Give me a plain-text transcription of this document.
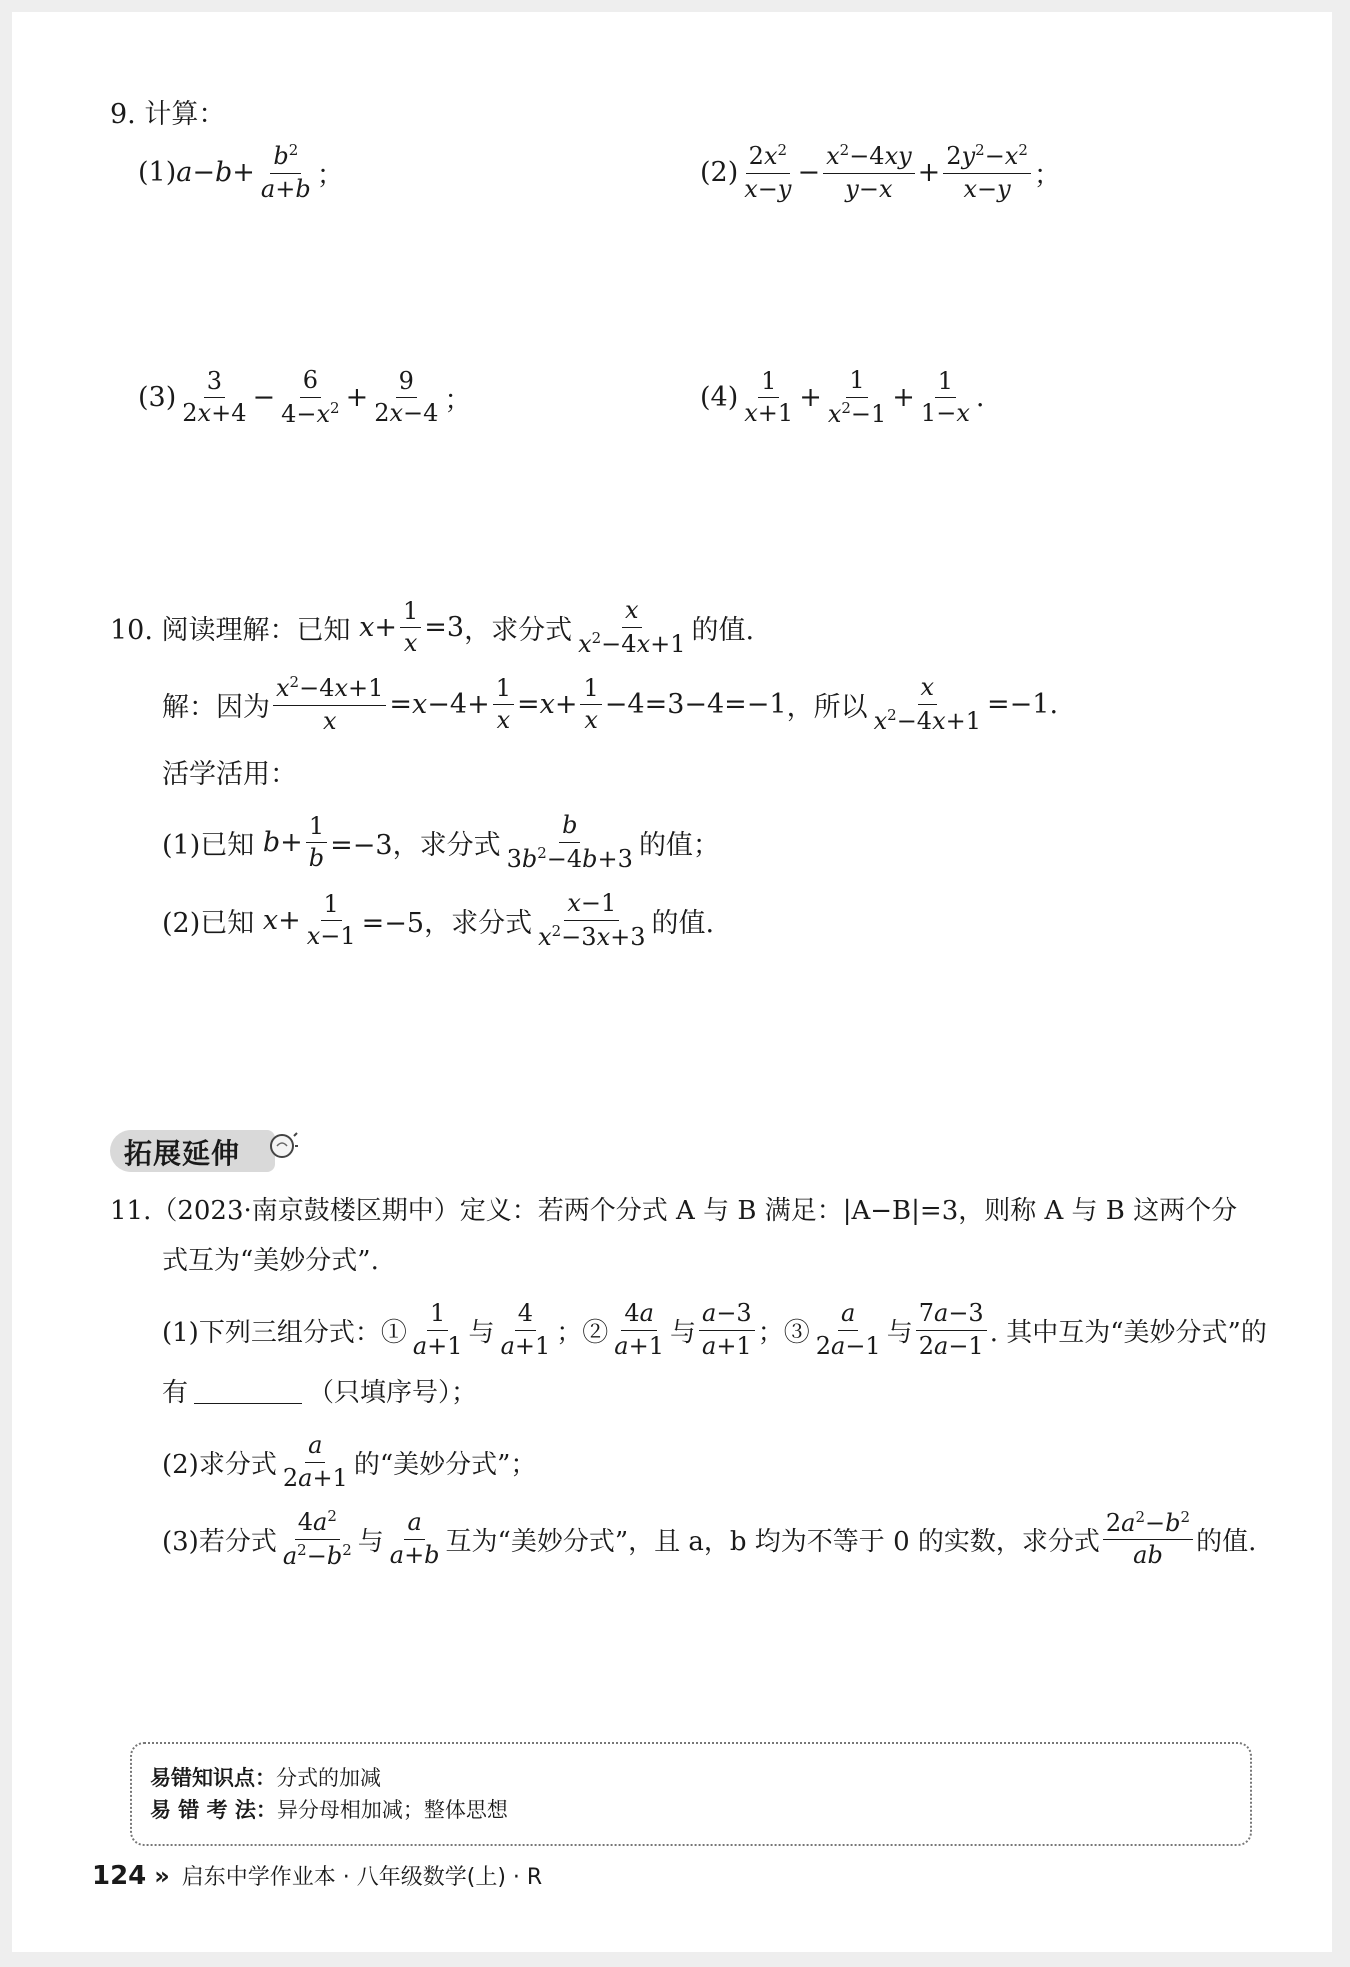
9. 计算：
(1) $a-b+ \frac{b^2}{a+b}$ ；	$(2) \frac{2x^2}{x-y} - \frac{x^2-4xy}{y-x} + \frac{2y^2-x^2}{x-y}$ ；
$(3) \frac{3}{2x+4} - \frac{6}{4-x^2} + \frac{9}{2x-4}$ ；	$(4) \frac{1}{x+1} + \frac{1}{x^2-1} + \frac{1}{1-x}$ .
10. 阅读理解：已知 $x+ \frac{1}{x} =3$ ，求分式 $\frac{x}{x^2-4x+1}$ 的值.
解：因为 $\frac{x^2-4x+1}{x} =x-4+ \frac{1}{x} =x+ \frac{1}{x} -4=3-4=-1$ ，所以 $\frac{x}{x^2-4x+1} =-1$.
活学活用：
(1)已知 $b+ \frac{1}{b} =-3$，求分式 $\frac{b}{3b^2-4b+3}$ 的值；
(2)已知 $x+ \frac{1}{x-1} =-5$，求分式 $\frac{x-1}{x^2-3x+3}$ 的值.
拓展延伸
11.（2023·南京鼓楼区期中）定义：若两个分式 A 与 B 满足：|A−B|=3，则称 A 与 B 这两个分
式互为“美妙分式”.
(1)下列三组分式：① $\frac{1}{a+1}$ 与 $\frac{4}{a+1}$ ；② $\frac{4a}{a+1}$ 与 $\frac{a-3}{a+1}$ ；③ $\frac{a}{2a-1}$ 与 $\frac{7a-3}{2a-1}$ . 其中互为“美妙分式”的
有	（只填序号）；
(2)求分式 $\frac{a}{2a+1}$ 的“美妙分式”；
(3)若分式 $\frac{4a^2}{a^2-b^2}$ 与 $\frac{a}{a+b}$ 互为“美妙分式”，且 a，b 均为不等于 0 的实数，求分式 $\frac{2a^2-b^2}{ab}$ 的值.
易错知识点：分式的加减
易 错 考 法：异分母相加减；整体思想
124 » 启东中学作业本 · 八年级数学(上) · R
